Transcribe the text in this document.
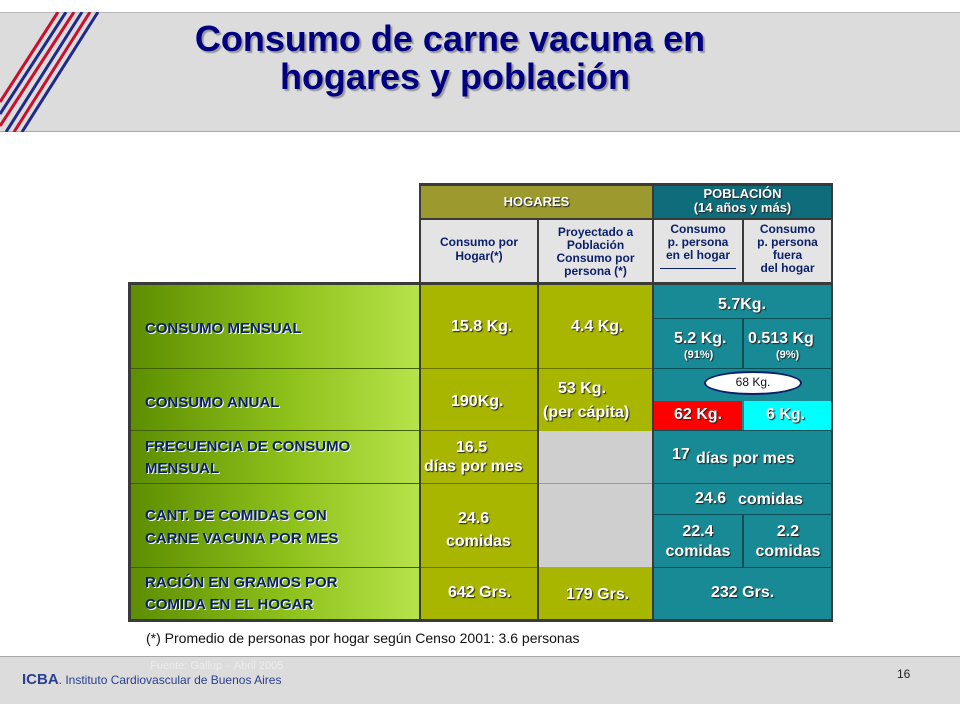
Consumo de carne vacuna en
hogares y población
HOGARES
POBLACIÓN
(14 años y más)
Consumo por
Hogar(*)
Proyectado a
Población
Consumo por
persona (*)
Consumo
p. persona
en el hogar
Consumo
p. persona
fuera
del hogar
CONSUMO MENSUAL
CONSUMO ANUAL
FRECUENCIA DE CONSUMO
MENSUAL
CANT. DE COMIDAS CON
CARNE VACUNA POR MES
RACIÓN EN GRAMOS POR
COMIDA EN EL HOGAR
15.8 Kg.
190Kg.
16.5
días por mes
24.6
comidas
642 Grs.
4.4 Kg.
53 Kg.
(per cápita)
179 Grs.
5.7Kg.
5.2 Kg.
(91%)
0.513 Kg
(9%)
68 Kg.
62 Kg.	6 Kg.
17 días por mes
24.6 comidas
22.4
comidas
2.2
comidas
232 Grs.
(*) Promedio de personas por hogar según Censo 2001: 3.6 personas
Fuente: Gallup – Abril 2005
ICBA. Instituto Cardiovascular de Buenos Aires	16
